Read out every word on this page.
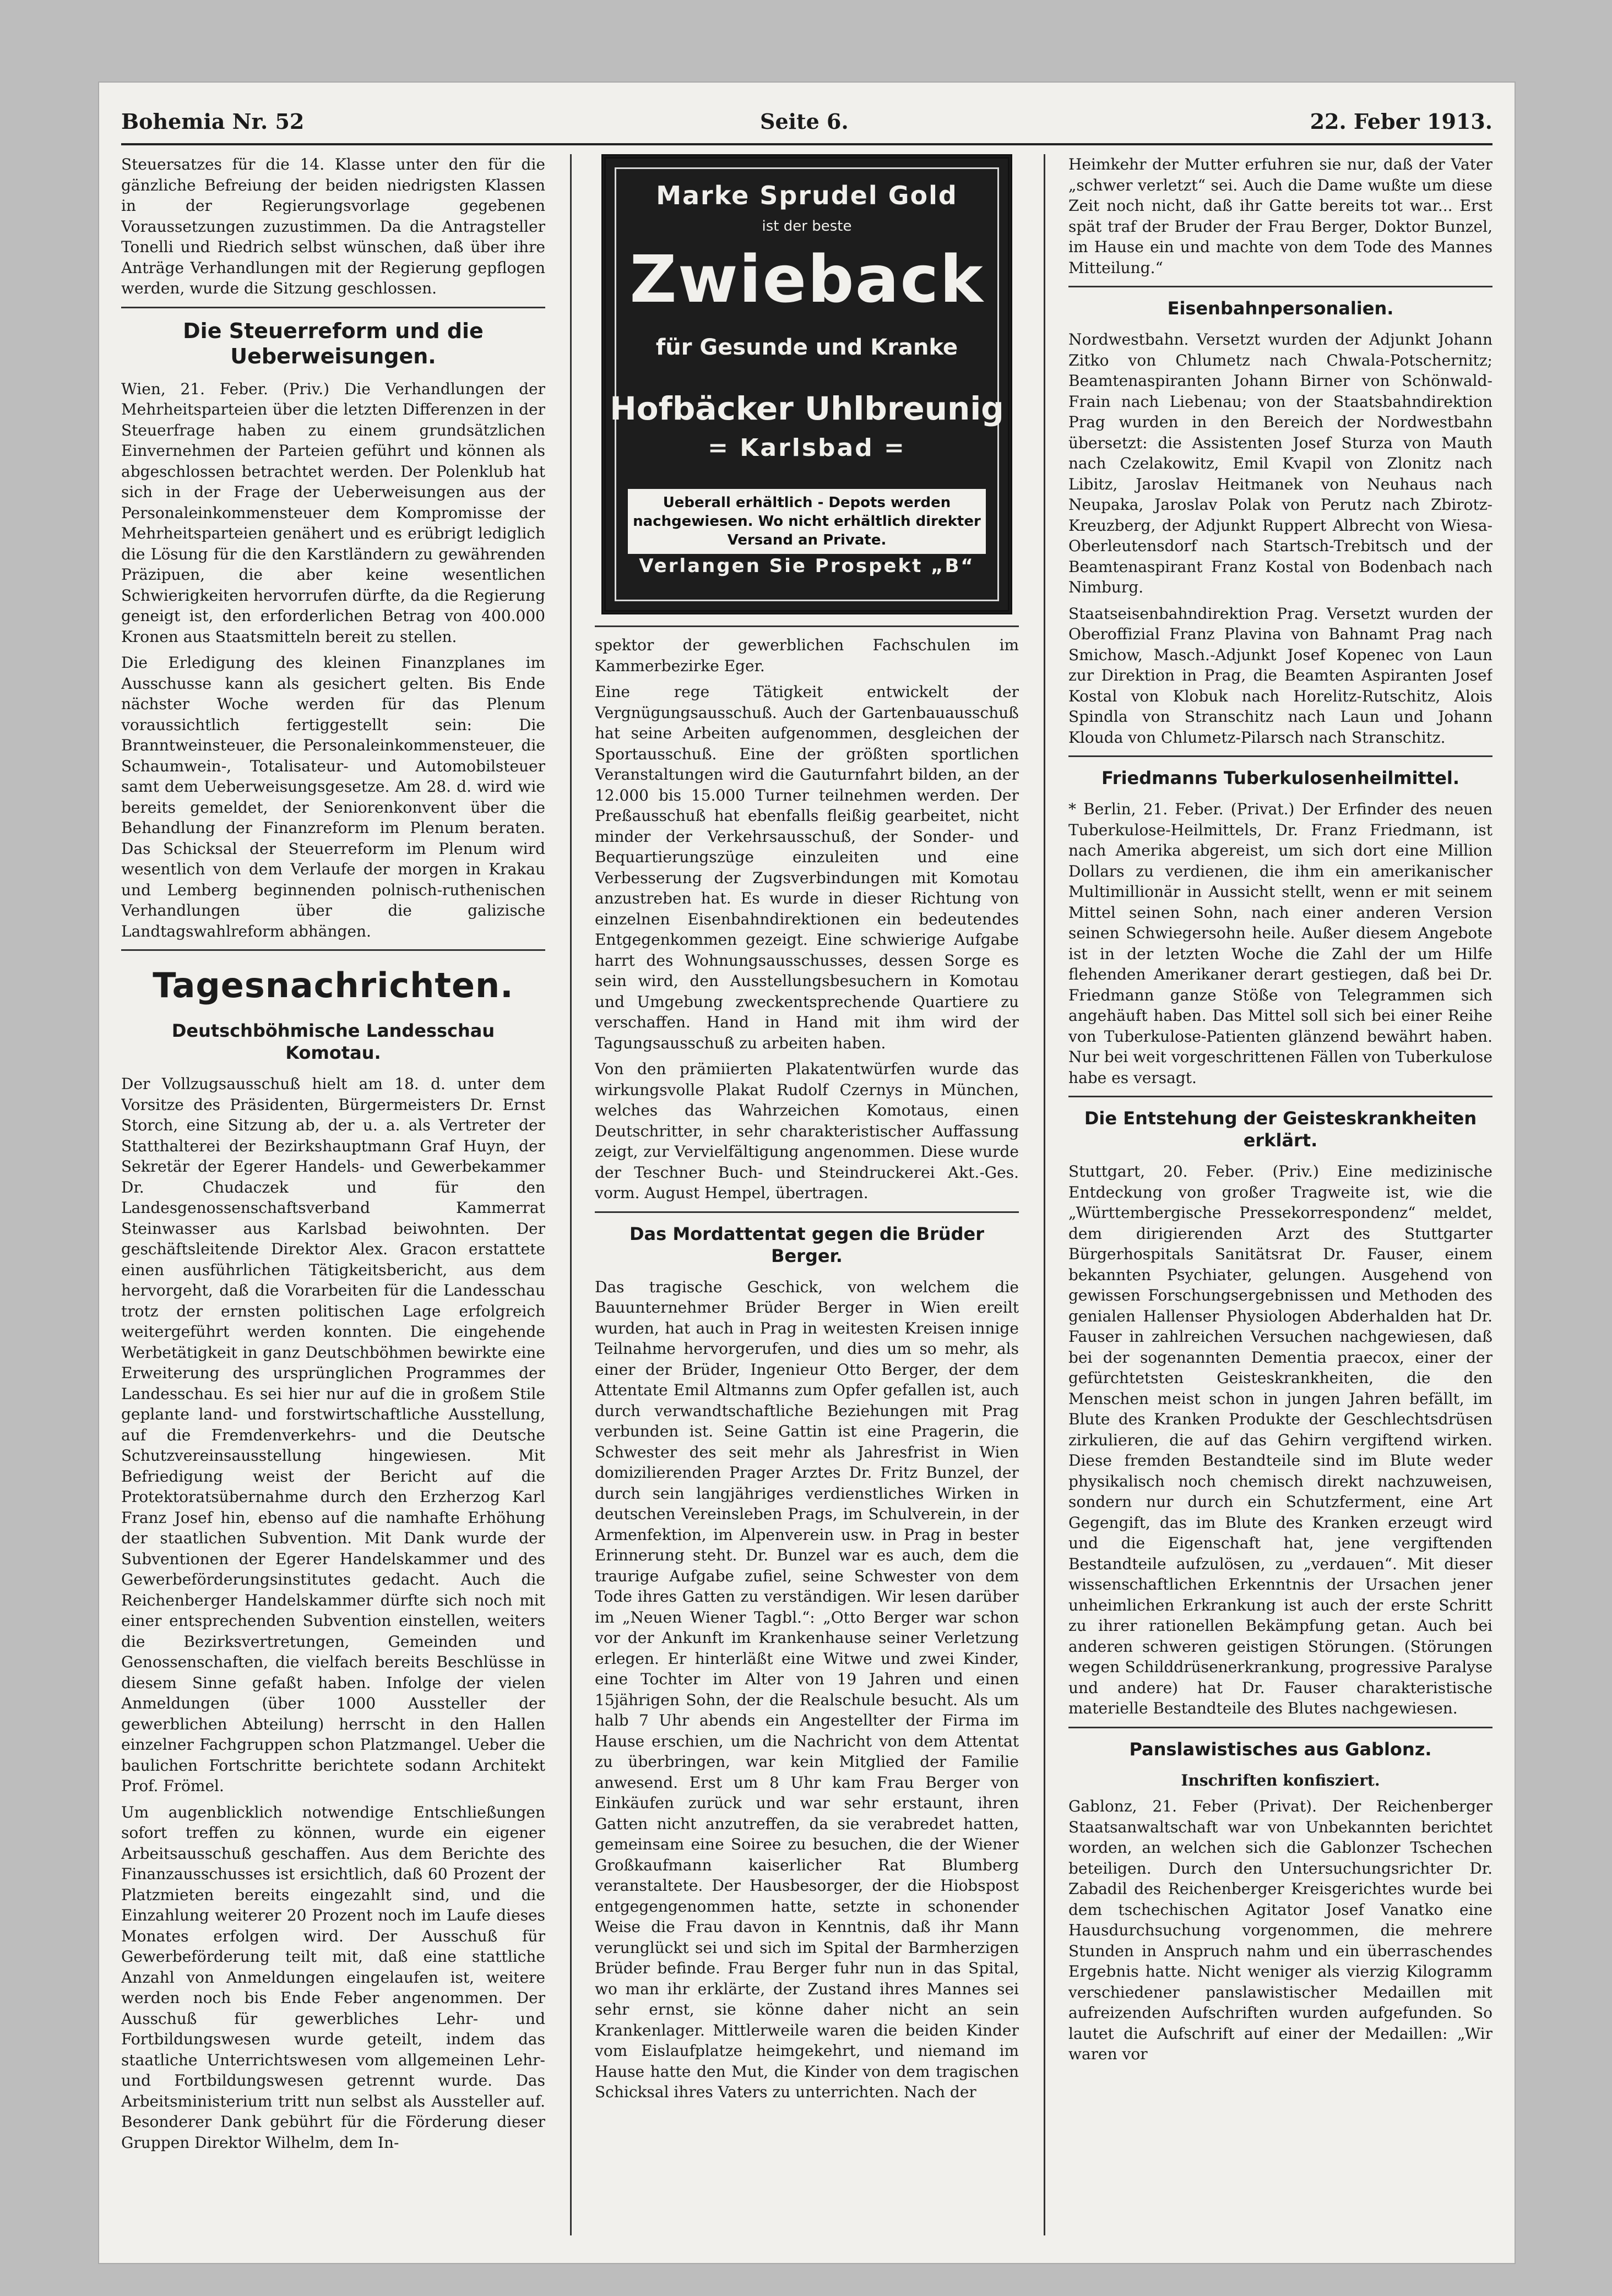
Bohemia Nr. 52	Seite 6.	22. Feber 1913.

Steuersatzes für die 14. Klasse unter den für die gänzliche Befreiung der beiden niedrigsten Klassen in der Regierungsvorlage gegebenen Voraussetzungen zuzustimmen. Da die Antragsteller Tonelli und Riedrich selbst wünschen, daß über ihre Anträge Verhandlungen mit der Regierung gepflogen werden, wurde die Sitzung geschlossen.

Die Steuerreform und die Ueberweisungen.

Wien, 21. Feber. (Priv.) Die Verhandlungen der Mehrheitsparteien über die letzten Differenzen in der Steuerfrage haben zu einem grundsätzlichen Einvernehmen der Parteien geführt und können als abgeschlossen betrachtet werden. Der Polenklub hat sich in der Frage der Ueberweisungen aus der Personaleinkommensteuer dem Kompromisse der Mehrheitsparteien genähert und es erübrigt lediglich die Lösung für die den Karstländern zu gewährenden Präzipuen, die aber keine wesentlichen Schwierigkeiten hervorrufen dürfte, da die Regierung geneigt ist, den erforderlichen Betrag von 400.000 Kronen aus Staatsmitteln bereit zu stellen.

Die Erledigung des kleinen Finanzplanes im Ausschusse kann als gesichert gelten. Bis Ende nächster Woche werden für das Plenum voraussichtlich fertiggestellt sein: Die Branntweinsteuer, die Personaleinkommensteuer, die Schaumwein-, Totalisateur- und Automobilsteuer samt dem Ueberweisungsgesetze. Am 28. d. wird wie bereits gemeldet, der Seniorenkonvent über die Behandlung der Finanzreform im Plenum beraten. Das Schicksal der Steuerreform im Plenum wird wesentlich von dem Verlaufe der morgen in Krakau und Lemberg beginnenden polnisch-ruthenischen Verhandlungen über die galizische Landtagswahlreform abhängen.

Tagesnachrichten.
Deutschböhmische Landesschau Komotau.

Der Vollzugsausschuß hielt am 18. d. unter dem Vorsitze des Präsidenten, Bürgermeisters Dr. Ernst Storch, eine Sitzung ab, der u. a. als Vertreter der Statthalterei der Bezirkshauptmann Graf Huyn, der Sekretär der Egerer Handels- und Gewerbekammer Dr. Chudaczek und für den Landesgenossenschaftsverband Kammerrat Steinwasser aus Karlsbad beiwohnten. Der geschäftsleitende Direktor Alex. Gracon erstattete einen ausführlichen Tätigkeitsbericht, aus dem hervorgeht, daß die Vorarbeiten für die Landesschau trotz der ernsten politischen Lage erfolgreich weitergeführt werden konnten. Die eingehende Werbetätigkeit in ganz Deutschböhmen bewirkte eine Erweiterung des ursprünglichen Programmes der Landesschau. Es sei hier nur auf die in großem Stile geplante land- und forstwirtschaftliche Ausstellung, auf die Fremdenverkehrs- und die Deutsche Schutzvereinsausstellung hingewiesen. Mit Befriedigung weist der Bericht auf die Protektoratsübernahme durch den Erzherzog Karl Franz Josef hin, ebenso auf die namhafte Erhöhung der staatlichen Subvention. Mit Dank wurde der Subventionen der Egerer Handelskammer und des Gewerbeförderungsinstitutes gedacht. Auch die Reichenberger Handelskammer dürfte sich noch mit einer entsprechenden Subvention einstellen, weiters die Bezirksvertretungen, Gemeinden und Genossenschaften, die vielfach bereits Beschlüsse in diesem Sinne gefaßt haben. Infolge der vielen Anmeldungen (über 1000 Aussteller der gewerblichen Abteilung) herrscht in den Hallen einzelner Fachgruppen schon Platzmangel. Ueber die baulichen Fortschritte berichtete sodann Architekt Prof. Frömel.

Um augenblicklich notwendige Entschließungen sofort treffen zu können, wurde ein eigener Arbeitsausschuß geschaffen. Aus dem Berichte des Finanzausschusses ist ersichtlich, daß 60 Prozent der Platzmieten bereits eingezahlt sind, und die Einzahlung weiterer 20 Prozent noch im Laufe dieses Monates erfolgen wird. Der Ausschuß für Gewerbeförderung teilt mit, daß eine stattliche Anzahl von Anmeldungen eingelaufen ist, weitere werden noch bis Ende Feber angenommen. Der Ausschuß für gewerbliches Lehr- und Fortbildungswesen wurde geteilt, indem das staatliche Unterrichtswesen vom allgemeinen Lehr- und Fortbildungswesen getrennt wurde. Das Arbeitsministerium tritt nun selbst als Aussteller auf. Besonderer Dank gebührt für die Förderung dieser Gruppen Direktor Wilhelm, dem In-

Marke Sprudel Gold
ist der beste
Zwieback
für Gesunde und Kranke
Hofbäcker Uhlbreunig
= Karlsbad =
Ueberall erhältlich - Depots werden nachgewiesen. Wo nicht erhältlich direkter Versand an Private.
Verlangen Sie Prospekt „B“

spektor der gewerblichen Fachschulen im Kammerbezirke Eger.

Eine rege Tätigkeit entwickelt der Vergnügungsausschuß. Auch der Gartenbauausschuß hat seine Arbeiten aufgenommen, desgleichen der Sportausschuß. Eine der größten sportlichen Veranstaltungen wird die Gauturnfahrt bilden, an der 12.000 bis 15.000 Turner teilnehmen werden. Der Preßausschuß hat ebenfalls fleißig gearbeitet, nicht minder der Verkehrsausschuß, der Sonder- und Bequartierungszüge einzuleiten und eine Verbesserung der Zugsverbindungen mit Komotau anzustreben hat. Es wurde in dieser Richtung von einzelnen Eisenbahndirektionen ein bedeutendes Entgegenkommen gezeigt. Eine schwierige Aufgabe harrt des Wohnungsausschusses, dessen Sorge es sein wird, den Ausstellungsbesuchern in Komotau und Umgebung zweckentsprechende Quartiere zu verschaffen. Hand in Hand mit ihm wird der Tagungsausschuß zu arbeiten haben.

Von den prämiierten Plakatentwürfen wurde das wirkungsvolle Plakat Rudolf Czernys in München, welches das Wahrzeichen Komotaus, einen Deutschritter, in sehr charakteristischer Auffassung zeigt, zur Vervielfältigung angenommen. Diese wurde der Teschner Buch- und Steindruckerei Akt.-Ges. vorm. August Hempel, übertragen.

Das Mordattentat gegen die Brüder Berger.

Das tragische Geschick, von welchem die Bauunternehmer Brüder Berger in Wien ereilt wurden, hat auch in Prag in weitesten Kreisen innige Teilnahme hervorgerufen, und dies um so mehr, als einer der Brüder, Ingenieur Otto Berger, der dem Attentate Emil Altmanns zum Opfer gefallen ist, auch durch verwandtschaftliche Beziehungen mit Prag verbunden ist. Seine Gattin ist eine Pragerin, die Schwester des seit mehr als Jahresfrist in Wien domizilierenden Prager Arztes Dr. Fritz Bunzel, der durch sein langjähriges verdienstliches Wirken in deutschen Vereinsleben Prags, im Schulverein, in der Armenfektion, im Alpenverein usw. in Prag in bester Erinnerung steht. Dr. Bunzel war es auch, dem die traurige Aufgabe zufiel, seine Schwester von dem Tode ihres Gatten zu verständigen. Wir lesen darüber im „Neuen Wiener Tagbl.“: „Otto Berger war schon vor der Ankunft im Krankenhause seiner Verletzung erlegen. Er hinterläßt eine Witwe und zwei Kinder, eine Tochter im Alter von 19 Jahren und einen 15jährigen Sohn, der die Realschule besucht. Als um halb 7 Uhr abends ein Angestellter der Firma im Hause erschien, um die Nachricht von dem Attentat zu überbringen, war kein Mitglied der Familie anwesend. Erst um 8 Uhr kam Frau Berger von Einkäufen zurück und war sehr erstaunt, ihren Gatten nicht anzutreffen, da sie verabredet hatten, gemeinsam eine Soiree zu besuchen, die der Wiener Großkaufmann kaiserlicher Rat Blumberg veranstaltete. Der Hausbesorger, der die Hiobspost entgegengenommen hatte, setzte in schonender Weise die Frau davon in Kenntnis, daß ihr Mann verunglückt sei und sich im Spital der Barmherzigen Brüder befinde. Frau Berger fuhr nun in das Spital, wo man ihr erklärte, der Zustand ihres Mannes sei sehr ernst, sie könne daher nicht an sein Krankenlager. Mittlerweile waren die beiden Kinder vom Eislaufplatze heimgekehrt, und niemand im Hause hatte den Mut, die Kinder von dem tragischen Schicksal ihres Vaters zu unterrichten. Nach der

Heimkehr der Mutter erfuhren sie nur, daß der Vater „schwer verletzt“ sei. Auch die Dame wußte um diese Zeit noch nicht, daß ihr Gatte bereits tot war... Erst spät traf der Bruder der Frau Berger, Doktor Bunzel, im Hause ein und machte von dem Tode des Mannes Mitteilung.“

Eisenbahnpersonalien.

Nordwestbahn. Versetzt wurden der Adjunkt Johann Zitko von Chlumetz nach Chwala-Potschernitz; Beamtenaspiranten Johann Birner von Schönwald-Frain nach Liebenau; von der Staatsbahndirektion Prag wurden in den Bereich der Nordwestbahn übersetzt: die Assistenten Josef Sturza von Mauth nach Czelakowitz, Emil Kvapil von Zlonitz nach Libitz, Jaroslav Heitmanek von Neuhaus nach Neupaka, Jaroslav Polak von Perutz nach Zbirotz-Kreuzberg, der Adjunkt Ruppert Albrecht von Wiesa-Oberleutensdorf nach Startsch-Trebitsch und der Beamtenaspirant Franz Kostal von Bodenbach nach Nimburg.

Staatseisenbahndirektion Prag. Versetzt wurden der Oberoffizial Franz Plavina von Bahnamt Prag nach Smichow, Masch.-Adjunkt Josef Kopenec von Laun zur Direktion in Prag, die Beamten Aspiranten Josef Kostal von Klobuk nach Horelitz-Rutschitz, Alois Spindla von Stranschitz nach Laun und Johann Klouda von Chlumetz-Pilarsch nach Stranschitz.

Friedmanns Tuberkulosenheilmittel.

* Berlin, 21. Feber. (Privat.) Der Erfinder des neuen Tuberkulose-Heilmittels, Dr. Franz Friedmann, ist nach Amerika abgereist, um sich dort eine Million Dollars zu verdienen, die ihm ein amerikanischer Multimillionär in Aussicht stellt, wenn er mit seinem Mittel seinen Sohn, nach einer anderen Version seinen Schwiegersohn heile. Außer diesem Angebote ist in der letzten Woche die Zahl der um Hilfe flehenden Amerikaner derart gestiegen, daß bei Dr. Friedmann ganze Stöße von Telegrammen sich angehäuft haben. Das Mittel soll sich bei einer Reihe von Tuberkulose-Patienten glänzend bewährt haben. Nur bei weit vorgeschrittenen Fällen von Tuberkulose habe es versagt.

Die Entstehung der Geisteskrankheiten erklärt.

Stuttgart, 20. Feber. (Priv.) Eine medizinische Entdeckung von großer Tragweite ist, wie die „Württembergische Pressekorrespondenz“ meldet, dem dirigierenden Arzt des Stuttgarter Bürgerhospitals Sanitätsrat Dr. Fauser, einem bekannten Psychiater, gelungen. Ausgehend von gewissen Forschungsergebnissen und Methoden des genialen Hallenser Physiologen Abderhalden hat Dr. Fauser in zahlreichen Versuchen nachgewiesen, daß bei der sogenannten Dementia praecox, einer der gefürchtetsten Geisteskrankheiten, die den Menschen meist schon in jungen Jahren befällt, im Blute des Kranken Produkte der Geschlechtsdrüsen zirkulieren, die auf das Gehirn vergiftend wirken. Diese fremden Bestandteile sind im Blute weder physikalisch noch chemisch direkt nachzuweisen, sondern nur durch ein Schutzferment, eine Art Gegengift, das im Blute des Kranken erzeugt wird und die Eigenschaft hat, jene vergiftenden Bestandteile aufzulösen, zu „verdauen“. Mit dieser wissenschaftlichen Erkenntnis der Ursachen jener unheimlichen Erkrankung ist auch der erste Schritt zu ihrer rationellen Bekämpfung getan. Auch bei anderen schweren geistigen Störungen. (Störungen wegen Schilddrüsenerkrankung, progressive Paralyse und andere) hat Dr. Fauser charakteristische materielle Bestandteile des Blutes nachgewiesen.

Panslawistisches aus Gablonz.

Inschriften konfisziert.

Gablonz, 21. Feber (Privat). Der Reichenberger Staatsanwaltschaft war von Unbekannten berichtet worden, an welchen sich die Gablonzer Tschechen beteiligen. Durch den Untersuchungsrichter Dr. Zabadil des Reichenberger Kreisgerichtes wurde bei dem tschechischen Agitator Josef Vanatko eine Hausdurchsuchung vorgenommen, die mehrere Stunden in Anspruch nahm und ein überraschendes Ergebnis hatte. Nicht weniger als vierzig Kilogramm verschiedener panslawistischer Medaillen mit aufreizenden Aufschriften wurden aufgefunden. So lautet die Aufschrift auf einer der Medaillen: „Wir waren vor
